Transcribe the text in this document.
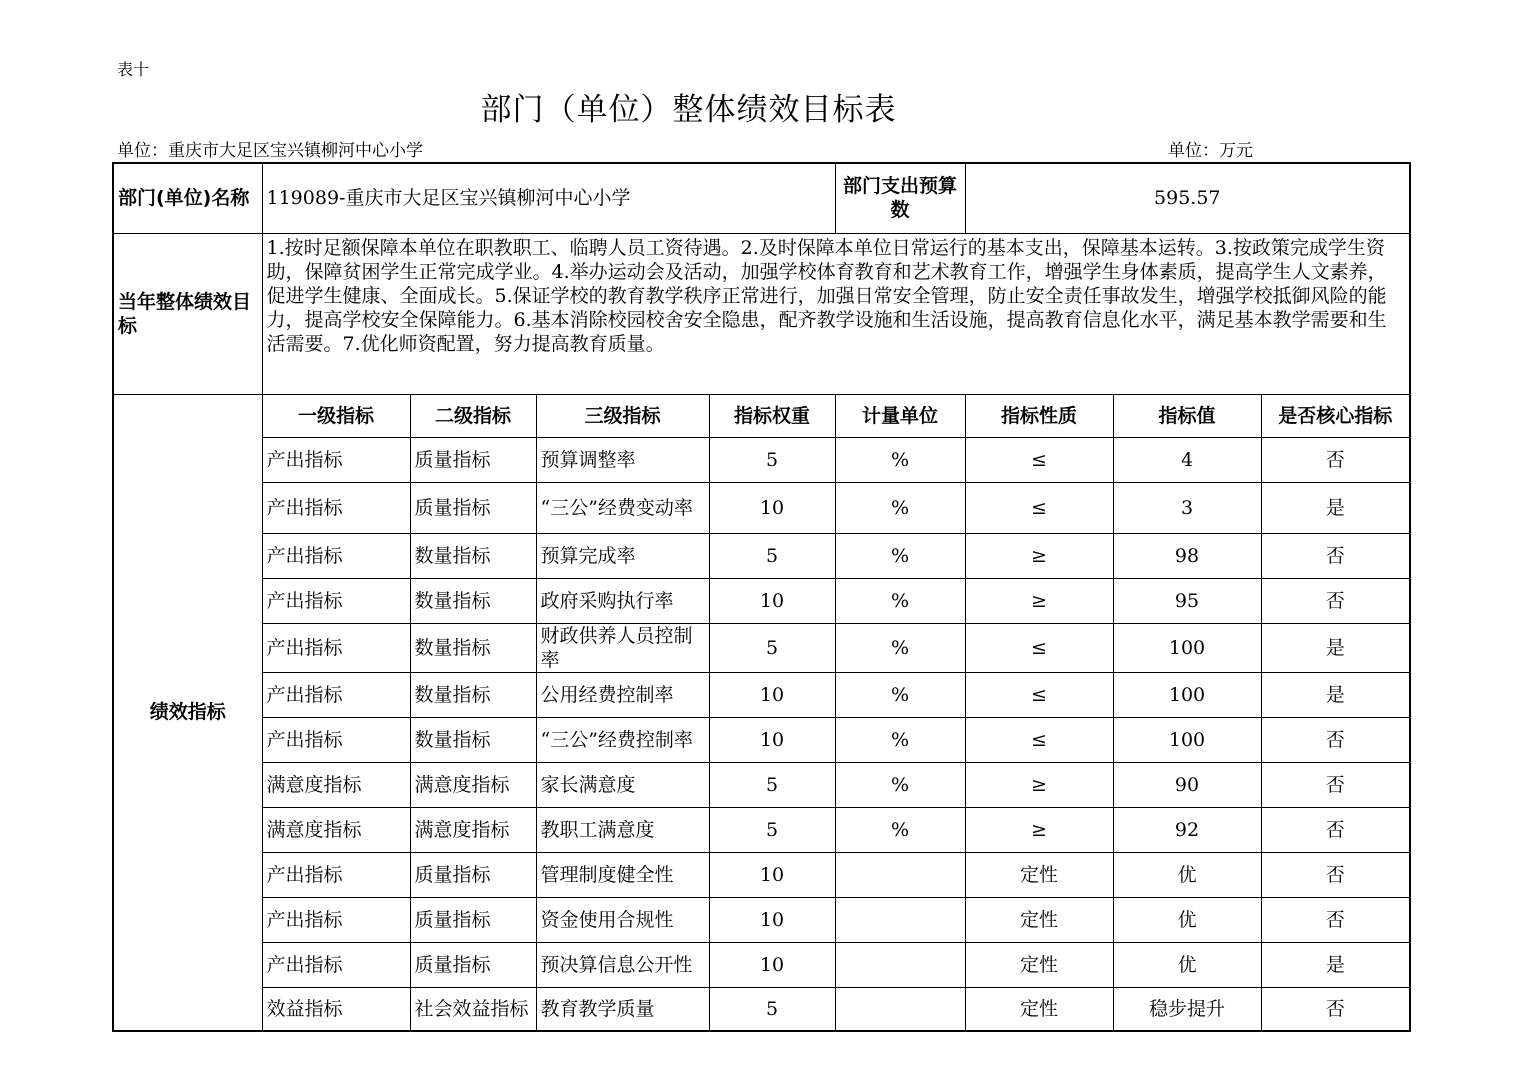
表十
部门（单位）整体绩效目标表
单位：重庆市大足区宝兴镇柳河中心小学	单位：万元
部门(单位)名称	119089-重庆市大足区宝兴镇柳河中心小学				部门支出预算数	595.57		

当年整体绩效目标	1.按时足额保障本单位在职教职工、临聘人员工资待遇。2.及时保障本单位日常运行的基本支出，保障基本运转。3.按政策完成学生资助，保障贫困学生正常完成学业。4.举办运动会及活动，加强学校体育教育和艺术教育工作，增强学生身体素质，提高学生人文素养，促进学生健康、全面成长。5.保证学校的教育教学秩序正常进行，加强日常安全管理，防止安全责任事故发生，增强学校抵御风险的能力，提高学校安全保障能力。6.基本消除校园校舍安全隐患，配齐教学设施和生活设施，提高教育信息化水平，满足基本教学需要和生活需要。7.优化师资配置，努力提高教育质量。							
绩效指标	一级指标	二级指标	三级指标	指标权重	计量单位	指标性质	指标值	是否核心指标
	产出指标	质量指标	预算调整率	5	%	≤	4	否
	产出指标	质量指标	“三公”经费变动率	10	%	≤	3	是
	产出指标	数量指标	预算完成率	5	%	≥	98	否
	产出指标	数量指标	政府采购执行率	10	%	≥	95	否
	产出指标	数量指标	财政供养人员控制率	5	%	≤	100	是
	产出指标	数量指标	公用经费控制率	10	%	≤	100	是
	产出指标	数量指标	“三公”经费控制率	10	%	≤	100	否
	满意度指标	满意度指标	家长满意度	5	%	≥	90	否
	满意度指标	满意度指标	教职工满意度	5	%	≥	92	否
	产出指标	质量指标	管理制度健全性	10		定性	优	否
	产出指标	质量指标	资金使用合规性	10		定性	优	否
	产出指标	质量指标	预决算信息公开性	10		定性	优	是
	效益指标	社会效益指标	教育教学质量	5		定性	稳步提升	否
